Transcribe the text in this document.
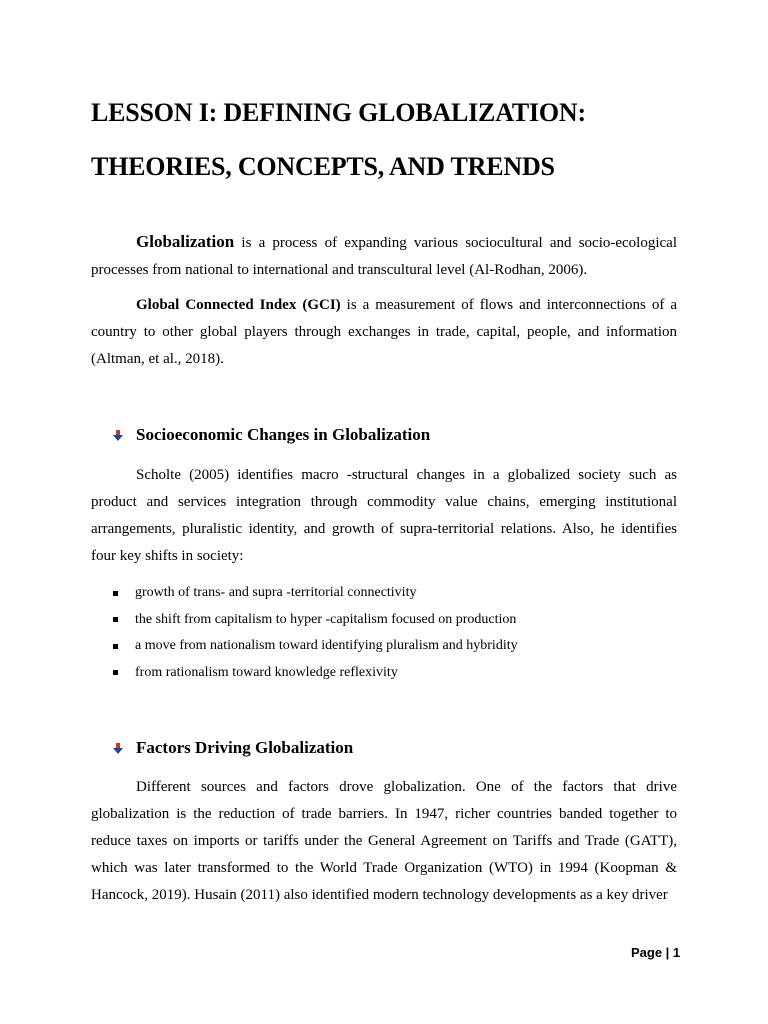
LESSON I: DEFINING GLOBALIZATION:
THEORIES, CONCEPTS, AND TRENDS

Globalization is a process of expanding various sociocultural and socio-ecological processes from national to international and transcultural level (Al-Rodhan, 2006).

Global Connected Index (GCI) is a measurement of flows and interconnections of a country to other global players through exchanges in trade, capital, people, and information (Altman, et al., 2018).

Socioeconomic Changes in Globalization

Scholte (2005) identifies macro -structural changes in a globalized society such as product and services integration through commodity value chains, emerging institutional arrangements, pluralistic identity, and growth of supra-territorial relations. Also, he identifies four key shifts in society:

growth of trans- and supra -territorial connectivity
the shift from capitalism to hyper -capitalism focused on production
a move from nationalism toward identifying pluralism and hybridity
from rationalism toward knowledge reflexivity
Factors Driving Globalization

Different sources and factors drove globalization. One of the factors that drive globalization is the reduction of trade barriers. In 1947, richer countries banded together to reduce taxes on imports or tariffs under the General Agreement on Tariffs and Trade (GATT), which was later transformed to the World Trade Organization (WTO) in 1994 (Koopman & Hancock, 2019). Husain (2011) also identified modern technology developments as a key driver

Page | 1
